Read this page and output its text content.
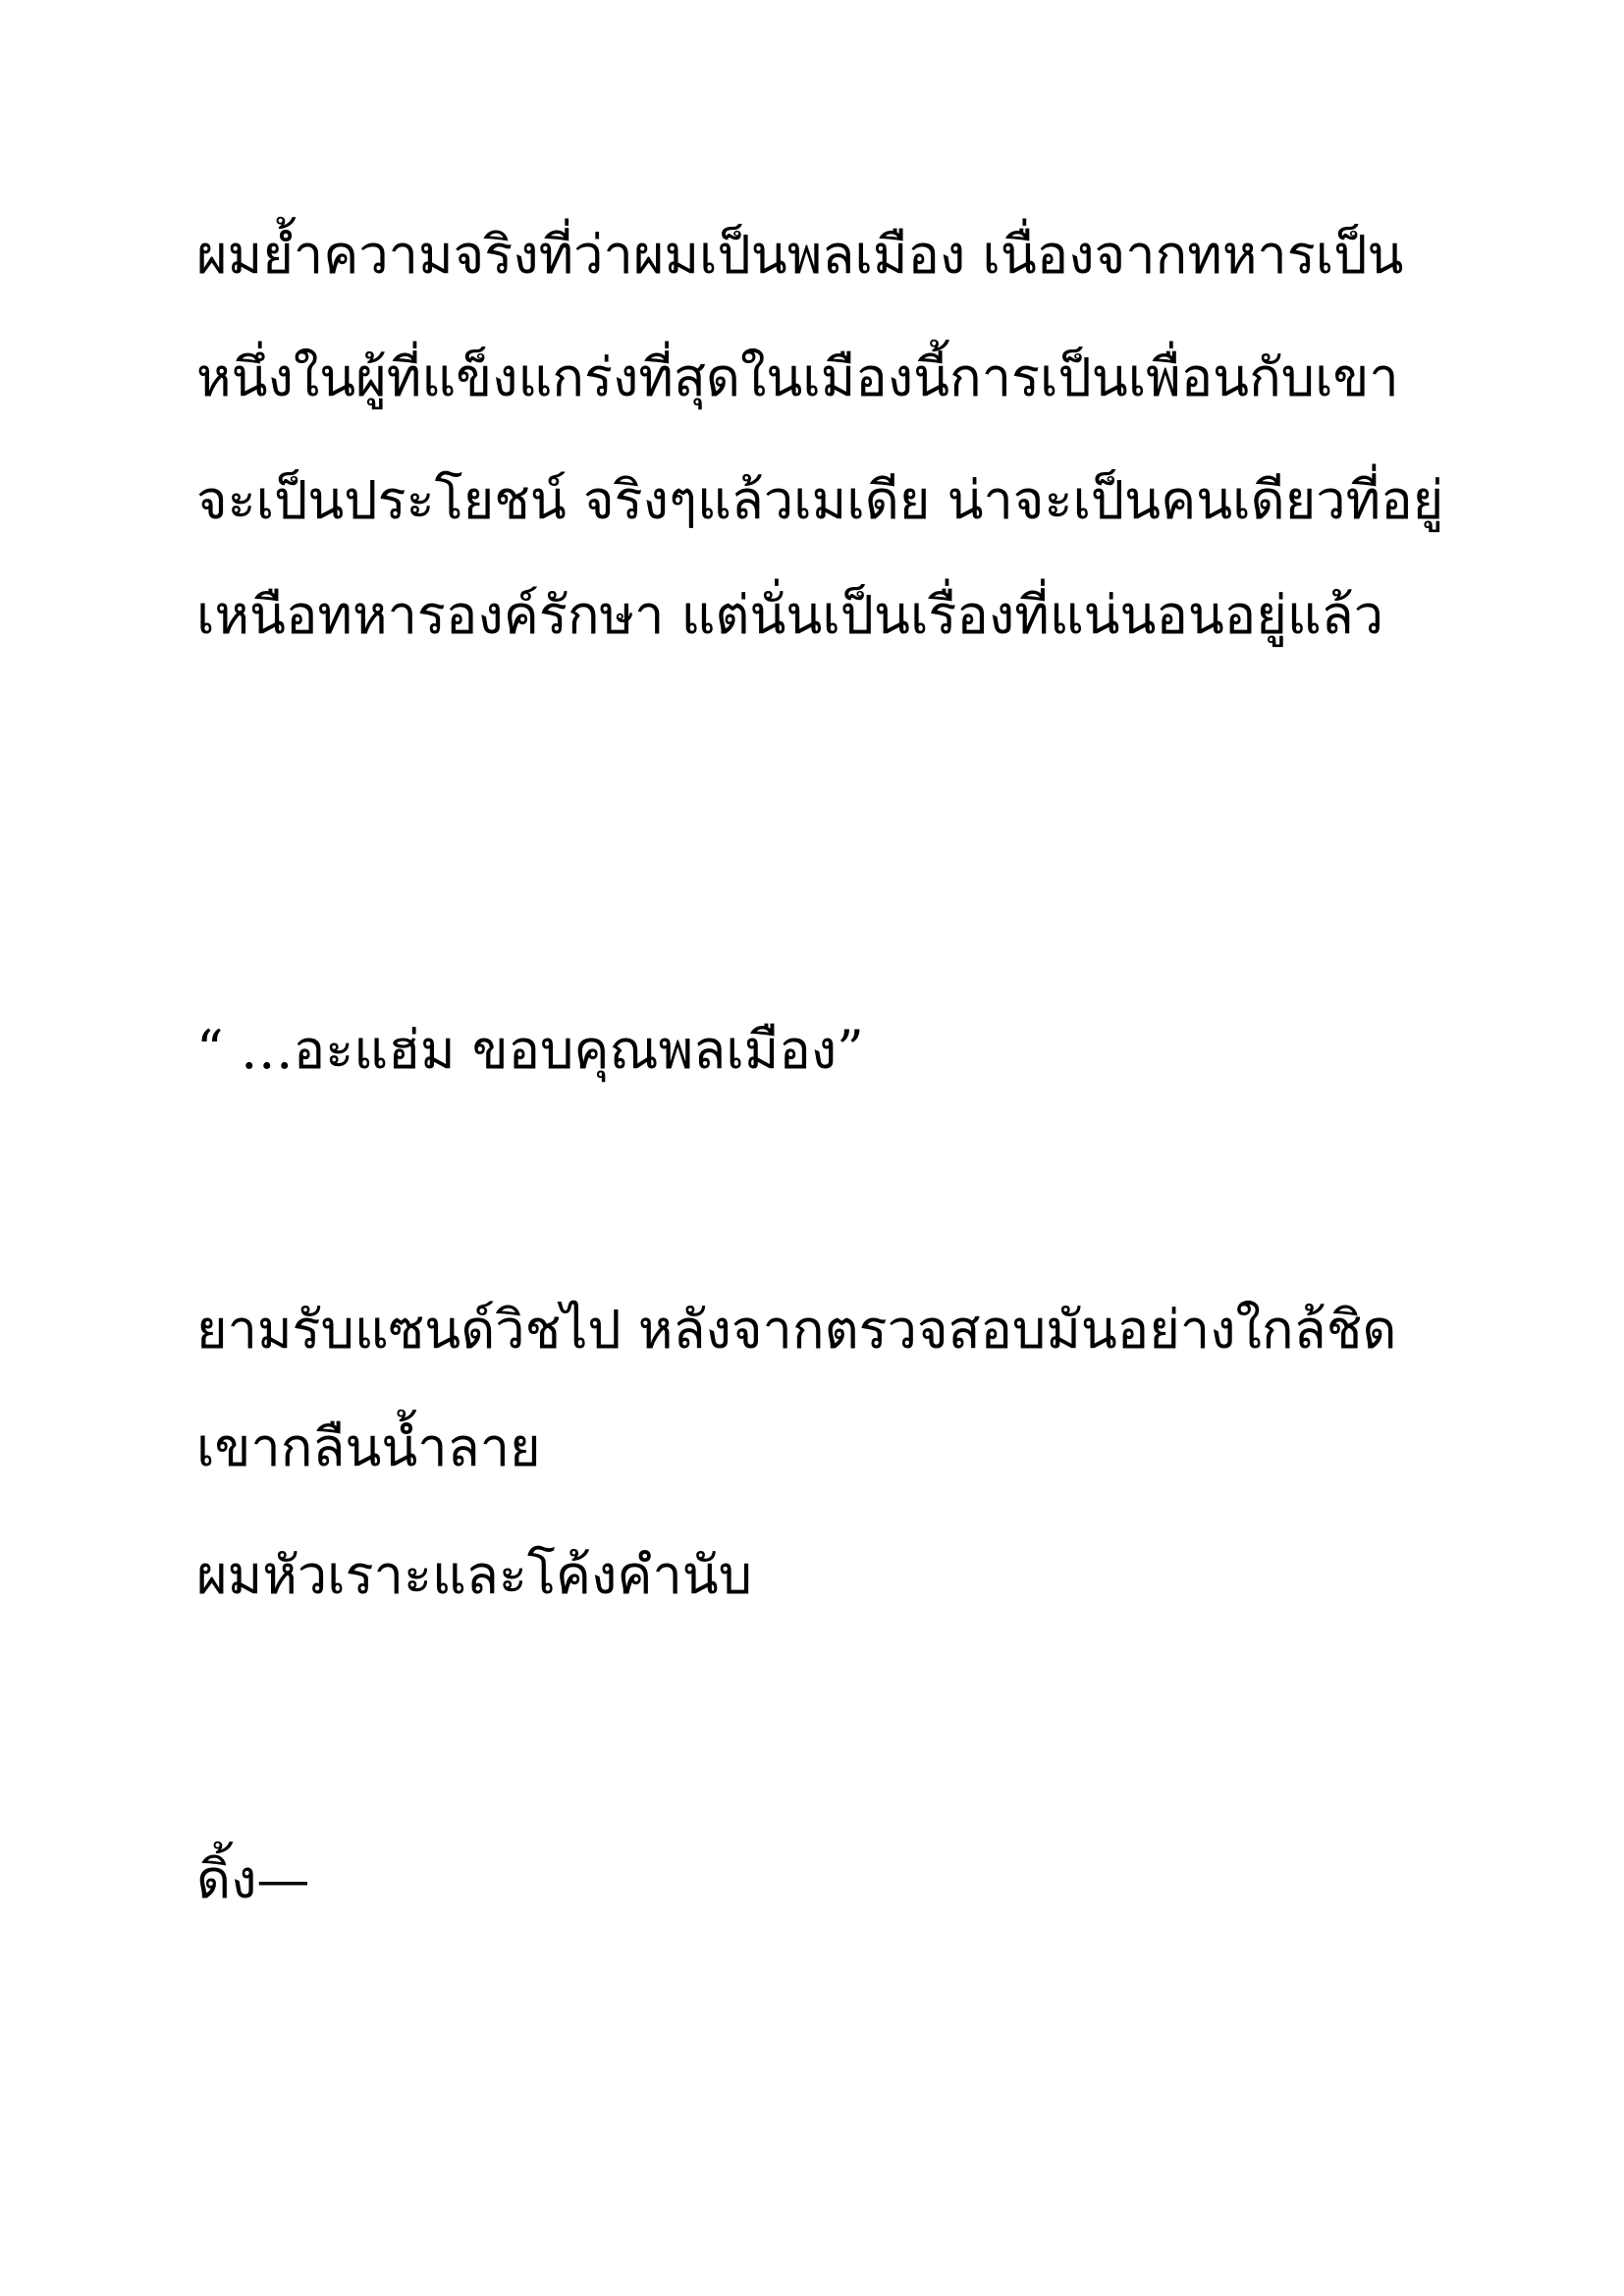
ผมย้ำความจริงที่ว่าผมเป็นพลเมือง เนื่องจากทหารเป็น

หนึ่งในผู้ที่แข็งแกร่งที่สุดในเมืองนี้การเป็นเพื่อนกับเขา

จะเป็นประโยชน์ จริงๆแล้วเมเดีย น่าจะเป็นคนเดียวที่อยู่

เหนือทหารองค์รักษา แต่นั่นเป็นเรื่องที่แน่นอนอยู่แล้ว

“ …อะแฮ่ม ขอบคุณพลเมือง”

ยามรับแซนด์วิชไป หลังจากตรวจสอบมันอย่างใกล้ชิด

เขากลืนน้ำลาย

ผมหัวเราะและโค้งคำนับ

ดิ้ง—
